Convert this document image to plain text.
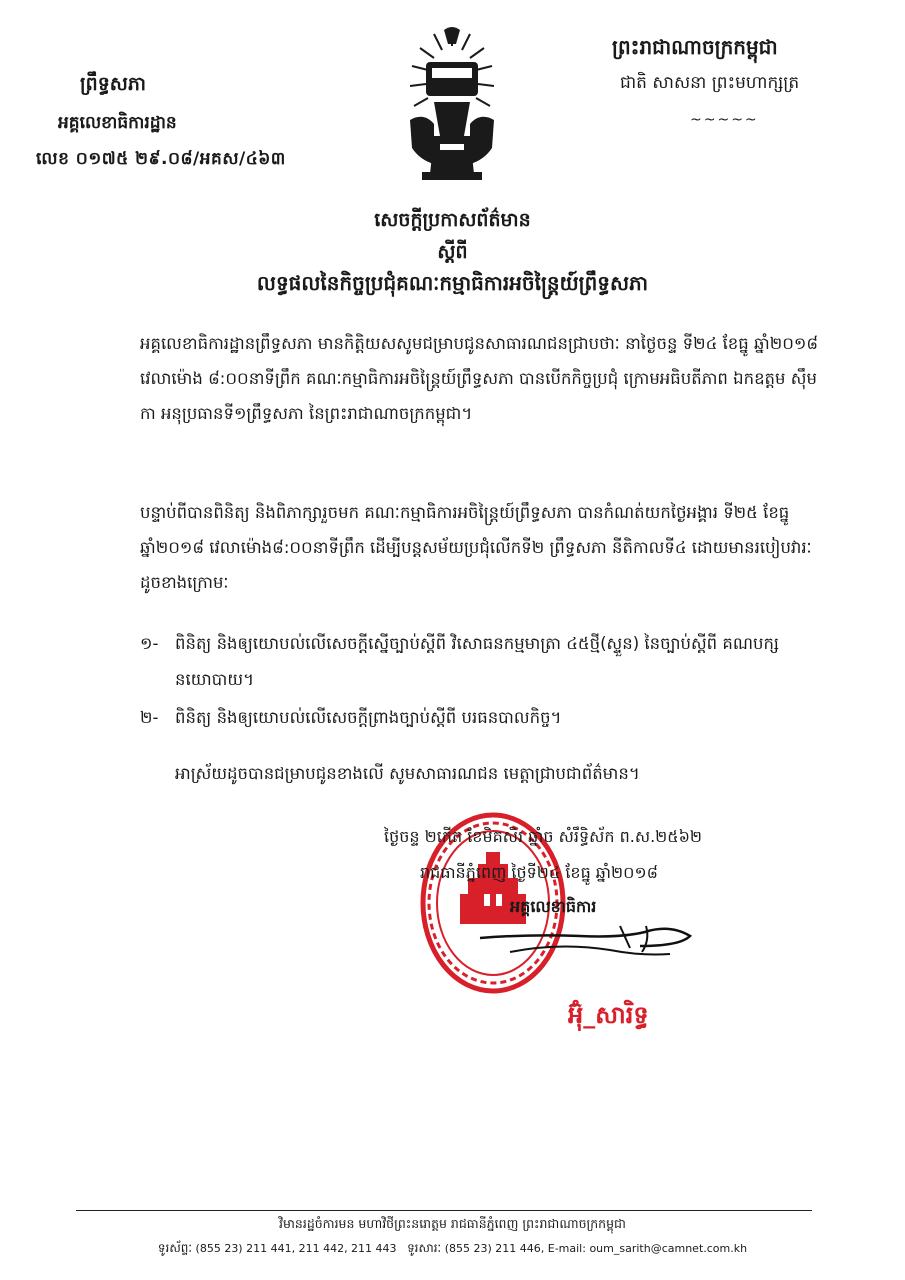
ព្រឹទ្ធសភា
អគ្គលេខាធិការដ្ឋាន
លេខ ០១៧៥ ២៩.០៨/អគស/៤៦៣
ព្រះរាជាណាចក្រកម្ពុជា
ជាតិ សាសនា ព្រះមហាក្សត្រ
~~~~~
សេចក្តីប្រកាសព័ត៌មាន
ស្តីពី
លទ្ធផលនៃកិច្ចប្រជុំគណៈកម្មាធិការអចិន្ត្រៃយ៍ព្រឹទ្ធសភា
អគ្គលេខាធិការដ្ឋានព្រឹទ្ធសភា មានកិត្តិយសសូមជម្រាបជូនសាធារណជនជ្រាបថាៈ នាថ្ងៃចន្ទ ទី២៤ ខែធ្នូ ឆ្នាំ២០១៨ វេលាម៉ោង ៨:០០នាទីព្រឹក គណៈកម្មាធិការអចិន្ត្រៃយ៍ព្រឹទ្ធសភា បានបើកកិច្ចប្រជុំ ក្រោមអធិបតីភាព ឯកឧត្តម ស៊ឹម កា អនុប្រធានទី១ព្រឹទ្ធសភា នៃព្រះរាជាណាចក្រកម្ពុជា។
បន្ទាប់ពីបានពិនិត្យ និងពិភាក្សារួចមក គណៈកម្មាធិការអចិន្ត្រៃយ៍ព្រឹទ្ធសភា បានកំណត់យកថ្ងៃអង្គារ ទី២៥ ខែធ្នូ ឆ្នាំ២០១៨ វេលាម៉ោង៨:០០នាទីព្រឹក ដើម្បីបន្តសម័យប្រជុំលើកទី២ ព្រឹទ្ធសភា នីតិកាលទី៤ ដោយមានរបៀបវារៈដូចខាងក្រោមៈ
១- ពិនិត្យ និងឲ្យយោបល់លើសេចក្តីស្នើច្បាប់ស្តីពី វិសោធនកម្មមាត្រា ៤៥ថ្មី(ស្ទួន) នៃច្បាប់ស្តីពី គណបក្សនយោបាយ។
២- ពិនិត្យ និងឲ្យយោបល់លើសេចក្តីព្រាងច្បាប់ស្តីពី បរធនបាលកិច្ច។
អាស្រ័យដូចបានជម្រាបជូនខាងលើ សូមសាធារណជន មេត្តាជ្រាបជាព័ត៌មាន។
ថ្ងៃចន្ទ ២កើត ខែមិគសិរ ឆ្នាំច សំរឹទ្ធិស័ក ព.ស.២៥៦២
រាជធានីភ្នំពេញ ថ្ងៃទី២៤ ខែធ្នូ ឆ្នាំ២០១៨
អគ្គលេខាធិការ
អ៊ុំ_សារិទ្ធ
វិមានរដ្ឋចំការមន មហាវិថីព្រះនរោត្តម រាជធានីភ្នំពេញ ព្រះរាជាណាចក្រកម្ពុជា
ទូរស័ព្ទៈ (855 23) 211 441, 211 442, 211 443 ទូរសារៈ (855 23) 211 446, E-mail: oum_sarith@camnet.com.kh
